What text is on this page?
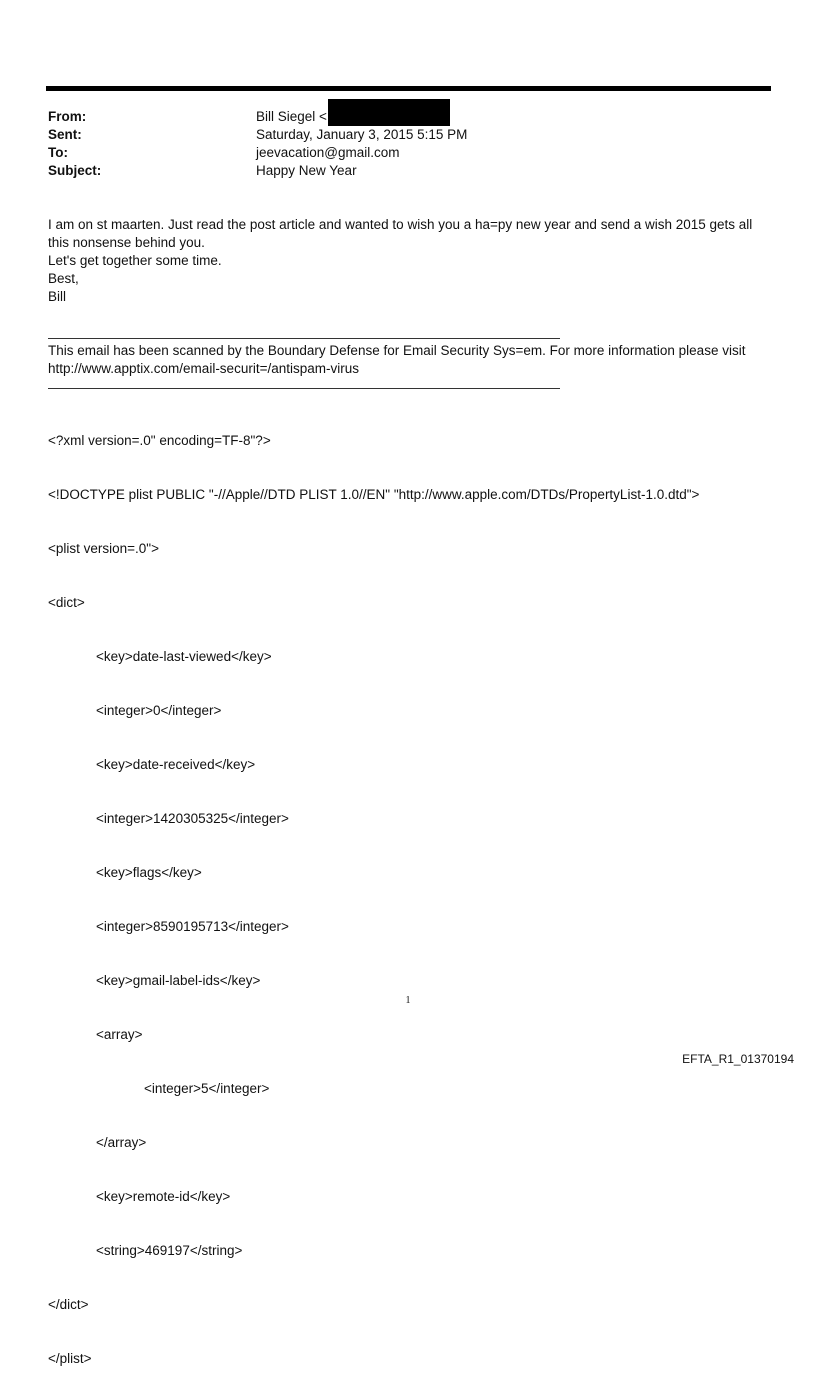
From:	Bill Siegel <
Sent:	Saturday, January 3, 2015 5:15 PM
To:	jeevacation@gmail.com
Subject:	Happy New Year

I am on st maarten. Just read the post article and wanted to wish you a ha=py new year and send a wish 2015 gets all this nonsense behind you.

Let's get together some time.

Best,

Bill

This email has been scanned by the Boundary Defense for Email Security Sys=em. For more information please visit http://www.apptix.com/email-securit=/antispam-virus

<?xml version=.0" encoding=TF-8"?>

<!DOCTYPE plist PUBLIC "-//Apple//DTD PLIST 1.0//EN" "http://www.apple.com/DTDs/PropertyList-1.0.dtd">

<plist version=.0">

<dict>

<key>date-last-viewed</key>

<integer>0</integer>

<key>date-received</key>

<integer>1420305325</integer>

<key>flags</key>

<integer>8590195713</integer>

<key>gmail-label-ids</key>

<array>

<integer>5</integer>

</array>

<key>remote-id</key>

<string>469197</string>

</dict>

</plist>

1
EFTA_R1_01370194
